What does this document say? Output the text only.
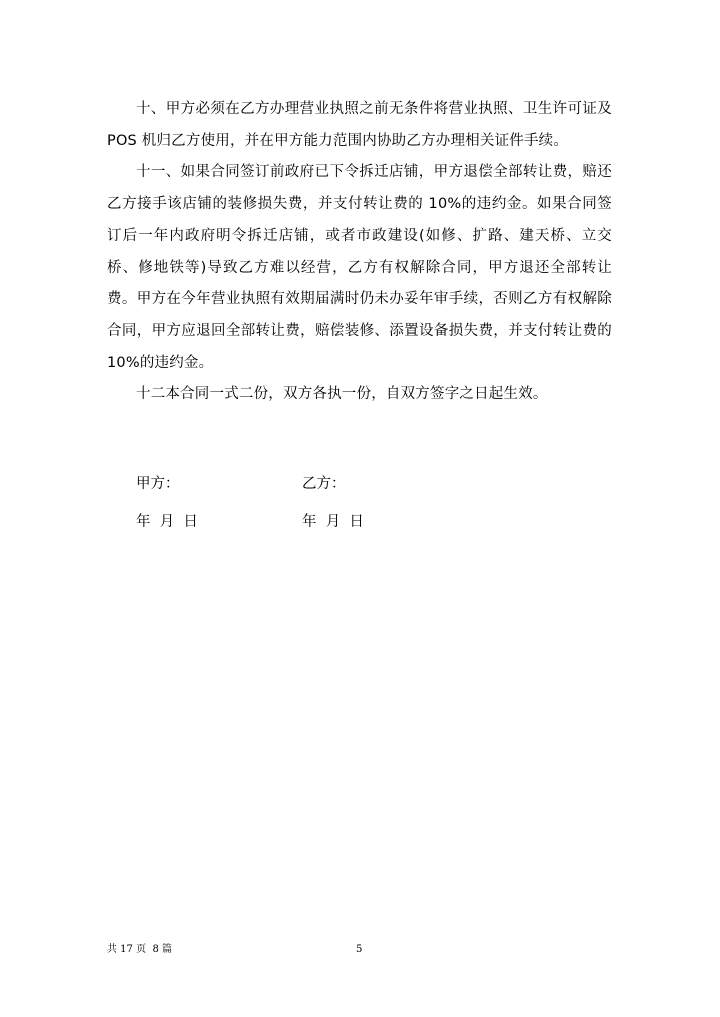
十、甲方必须在乙方办理营业执照之前无条件将营业执照、卫生许可证及POS 机归乙方使用，并在甲方能力范围内协助乙方办理相关证件手续。

十一、如果合同签订前政府已下令拆迁店铺，甲方退偿全部转让费，赔还乙方接手该店铺的装修损失费，并支付转让费的 10%的违约金。如果合同签订后一年内政府明令拆迁店铺，或者市政建设(如修、扩路、建天桥、立交桥、修地铁等)导致乙方难以经营，乙方有权解除合同，甲方退还全部转让费。甲方在今年营业执照有效期届满时仍未办妥年审手续，否则乙方有权解除合同，甲方应退回全部转让费，赔偿装修、添置设备损失费，并支付转让费的 10%的违约金。

十二本合同一式二份，双方各执一份，自双方签字之日起生效。

甲方：	乙方：
年  月  日	年  月  日
共 17 页  8 篇	5
